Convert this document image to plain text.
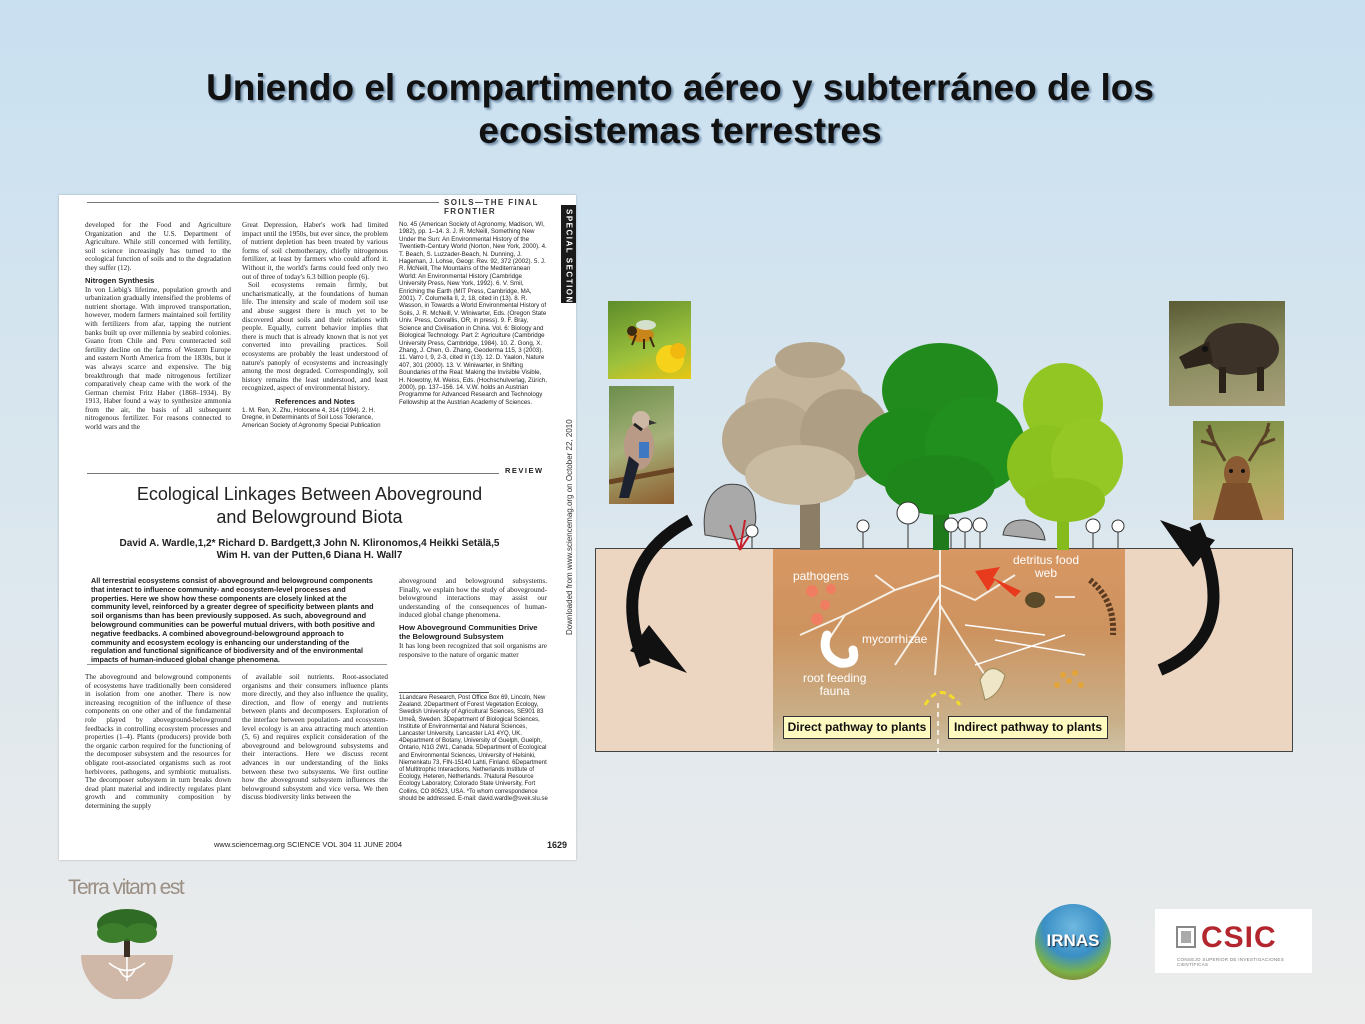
Uniendo el compartimento aéreo y subterráneo de los
ecosistemas terrestres
SOILS—THE FINAL FRONTIER	SPECIAL SECTION
Downloaded from www.sciencemag.org on October 22, 2010

developed for the Food and Agriculture Organization and the U.S. Department of Agriculture. While still concerned with fertility, soil science increasingly has turned to the ecological function of soils and to the degradation they suffer (12).

Nitrogen Synthesis

In von Liebig's lifetime, population growth and urbanization gradually intensified the problems of nutrient shortage. With improved transportation, however, modern farmers maintained soil fertility with fertilizers from afar, tapping the nutrient banks built up over millennia by seabird colonies. Guano from Chile and Peru counteracted soil fertility decline on the farms of Western Europe and eastern North America from the 1830s, but it was always scarce and expensive. The big breakthrough that made nitrogenous fertilizer comparatively cheap came with the work of the German chemist Fritz Haber (1868–1934). By 1913, Haber found a way to synthesize ammonia from the air, the basis of all subsequent nitrogenous fertilizer. For reasons connected to world wars and the

Great Depression, Haber's work had limited impact until the 1950s, but ever since, the problem of nutrient depletion has been treated by various forms of soil chemotherapy, chiefly nitrogenous fertilizer, at least by farmers who could afford it. Without it, the world's farms could feed only two out of three of today's 6.3 billion people (6).

Soil ecosystems remain firmly, but uncharismatically, at the foundations of human life. The intensity and scale of modern soil use and abuse suggest there is much yet to be discovered about soils and their relations with people. Equally, current behavior implies that there is much that is already known that is not yet converted into prevailing practices. Soil ecosystems are probably the least understood of nature's panoply of ecosystems and increasingly among the most degraded. Correspondingly, soil history remains the least understood, and least recognized, aspect of environmental history.

References and Notes

1. M. Ren, X. Zhu, Holocene 4, 314 (1994). 2. H. Dregne, in Determinants of Soil Loss Tolerance, American Society of Agronomy Special Publication

No. 45 (American Society of Agronomy, Madison, WI, 1982), pp. 1–14. 3. J. R. McNeill, Something New Under the Sun: An Environmental History of the Twentieth-Century World (Norton, New York, 2000). 4. T. Beach, S. Luzzader-Beach, N. Dunning, J. Hageman, J. Lohse, Geogr. Rev. 92, 372 (2002). 5. J. R. McNeill, The Mountains of the Mediterranean World: An Environmental History (Cambridge University Press, New York, 1992). 6. V. Smil, Enriching the Earth (MIT Press, Cambridge, MA, 2001). 7. Columella II, 2, 18, cited in (13). 8. R. Wasson, in Towards a World Environmental History of Soils, J. R. McNeill, V. Winiwarter, Eds. (Oregon State Univ. Press, Corvallis, OR, in press). 9. F. Bray, Science and Civilisation in China. Vol. 6: Biology and Biological Technology. Part 2: Agriculture (Cambridge University Press, Cambridge, 1984). 10. Z. Gong, X. Zhang, J. Chen, G. Zhang, Geoderma 115, 3 (2003). 11. Varro I, 9, 2-3, cited in (13). 12. D. Yaalon, Nature 407, 301 (2000). 13. V. Winiwarter, in Shifting Boundaries of the Real: Making the Invisible Visible, H. Nowotny, M. Weiss, Eds. (Hochschulverlag, Zürich, 2000), pp. 137–156. 14. V.W. holds an Austrian Programme for Advanced Research and Technology Fellowship at the Austrian Academy of Sciences.

REVIEW
Ecological Linkages Between Aboveground
and Belowground Biota
David A. Wardle,1,2* Richard D. Bardgett,3 John N. Klironomos,4 Heikki Setälä,5
Wim H. van der Putten,6 Diana H. Wall7
All terrestrial ecosystems consist of aboveground and belowground components that interact to influence community- and ecosystem-level processes and properties. Here we show how these components are closely linked at the community level, reinforced by a greater degree of specificity between plants and soil organisms than has been previously supposed. As such, aboveground and belowground communities can be powerful mutual drivers, with both positive and negative feedbacks. A combined aboveground-belowground approach to community and ecosystem ecology is enhancing our understanding of the regulation and functional significance of biodiversity and of the environmental impacts of human-induced global change phenomena.

aboveground and belowground subsystems. Finally, we explain how the study of aboveground-belowground interactions may assist our understanding of the consequences of human-induced global change phenomena.

How Aboveground Communities Drive the Belowground Subsystem

It has long been recognized that soil organisms are responsive to the nature of organic matter

The aboveground and belowground components of ecosystems have traditionally been considered in isolation from one another. There is now increasing recognition of the influence of these components on one other and of the fundamental role played by aboveground-belowground feedbacks in controlling ecosystem processes and properties (1–4). Plants (producers) provide both the organic carbon required for the functioning of the decomposer subsystem and the resources for obligate root-associated organisms such as root herbivores, pathogens, and symbiotic mutualists. The decomposer subsystem in turn breaks down dead plant material and indirectly regulates plant growth and community composition by determining the supply

of available soil nutrients. Root-associated organisms and their consumers influence plants more directly, and they also influence the quality, direction, and flow of energy and nutrients between plants and decomposers. Exploration of the interface between population- and ecosystem-level ecology is an area attracting much attention (5, 6) and requires explicit consideration of the aboveground and belowground subsystems and their interactions. Here we discuss recent advances in our understanding of the links between these two subsystems. We first outline how the aboveground subsystem influences the belowground subsystem and vice versa. We then discuss biodiversity links between the

1Landcare Research, Post Office Box 69, Lincoln, New Zealand. 2Department of Forest Vegetation Ecology, Swedish University of Agricultural Sciences, SE901 83 Umeå, Sweden. 3Department of Biological Sciences, Institute of Environmental and Natural Sciences, Lancaster University, Lancaster LA1 4YQ, UK. 4Department of Botany, University of Guelph, Guelph, Ontario, N1G 2W1, Canada. 5Department of Ecological and Environmental Sciences, University of Helsinki, Niemenkatu 73, FIN-15140 Lahti, Finland. 6Department of Multitrophic Interactions, Netherlands Institute of Ecology, Heteren, Netherlands. 7Natural Resource Ecology Laboratory, Colorado State University, Fort Collins, CO 80523, USA. *To whom correspondence should be addressed. E-mail: david.wardle@svek.slu.se
www.sciencemag.org SCIENCE VOL 304 11 JUNE 2004	1629
pathogens
detritus food
web
mycorrhizae
root feeding
fauna
Direct pathway to plants	Indirect pathway to plants
Terra vitam est
IRNAS	CSIC
CONSEJO SUPERIOR DE INVESTIGACIONES CIENTÍFICAS
